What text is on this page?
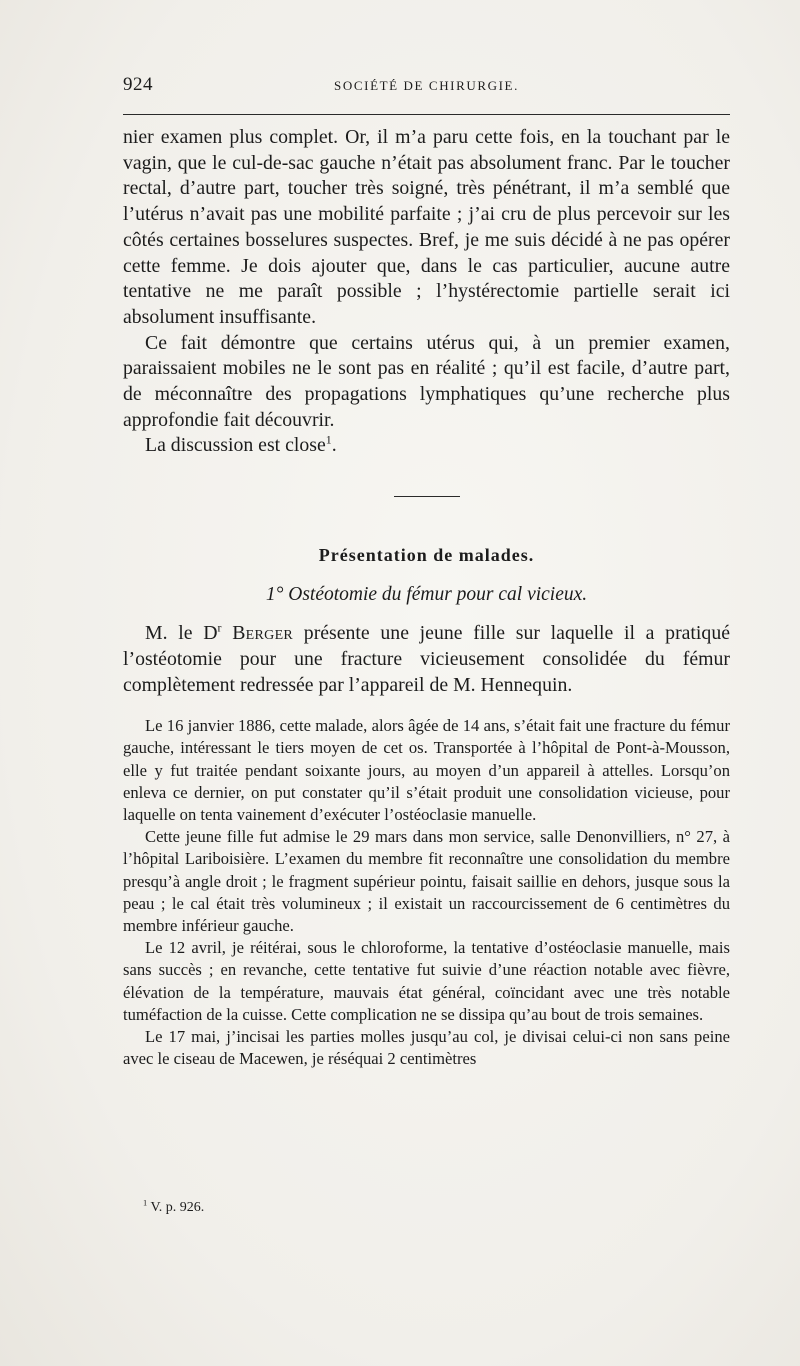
924	SOCIÉTÉ DE CHIRURGIE.

nier examen plus complet. Or, il m’a paru cette fois, en la touchant par le vagin, que le cul-de-sac gauche n’était pas absolument franc. Par le toucher rectal, d’autre part, toucher très soigné, très pénétrant, il m’a semblé que l’utérus n’avait pas une mobilité parfaite ; j’ai cru de plus percevoir sur les côtés certaines bosselures suspectes. Bref, je me suis décidé à ne pas opérer cette femme. Je dois ajouter que, dans le cas particulier, aucune autre tentative ne me paraît possible ; l’hystérectomie partielle serait ici absolument insuffisante.

Ce fait démontre que certains utérus qui, à un premier examen, paraissaient mobiles ne le sont pas en réalité ; qu’il est facile, d’autre part, de méconnaître des propagations lymphatiques qu’une recherche plus approfondie fait découvrir.

La discussion est close$^1$.

Présentation de malades.
1° Ostéotomie du fémur pour cal vicieux.

M. le $D^r$ Berger présente une jeune fille sur laquelle il a pratiqué l’ostéotomie pour une fracture vicieusement consolidée du fémur complètement redressée par l’appareil de M. Hennequin.

Le 16 janvier 1886, cette malade, alors âgée de 14 ans, s’était fait une fracture du fémur gauche, intéressant le tiers moyen de cet os. Transportée à l’hôpital de Pont-à-Mousson, elle y fut traitée pendant soixante jours, au moyen d’un appareil à attelles. Lorsqu’on enleva ce dernier, on put constater qu’il s’était produit une consolidation vicieuse, pour laquelle on tenta vainement d’exécuter l’ostéoclasie manuelle.

Cette jeune fille fut admise le 29 mars dans mon service, salle Denonvilliers, n° 27, à l’hôpital Lariboisière. L’examen du membre fit reconnaître une consolidation du membre presqu’à angle droit ; le fragment supérieur pointu, faisait saillie en dehors, jusque sous la peau ; le cal était très volumineux ; il existait un raccourcissement de 6 centimètres du membre inférieur gauche.

Le 12 avril, je réitérai, sous le chloroforme, la tentative d’ostéoclasie manuelle, mais sans succès ; en revanche, cette tentative fut suivie d’une réaction notable avec fièvre, élévation de la température, mauvais état général, coïncidant avec une très notable tuméfaction de la cuisse. Cette complication ne se dissipa qu’au bout de trois semaines.

Le 17 mai, j’incisai les parties molles jusqu’au col, je divisai celui-ci non sans peine avec le ciseau de Macewen, je réséquai 2 centimètres

$^1$ V. p. 926.
